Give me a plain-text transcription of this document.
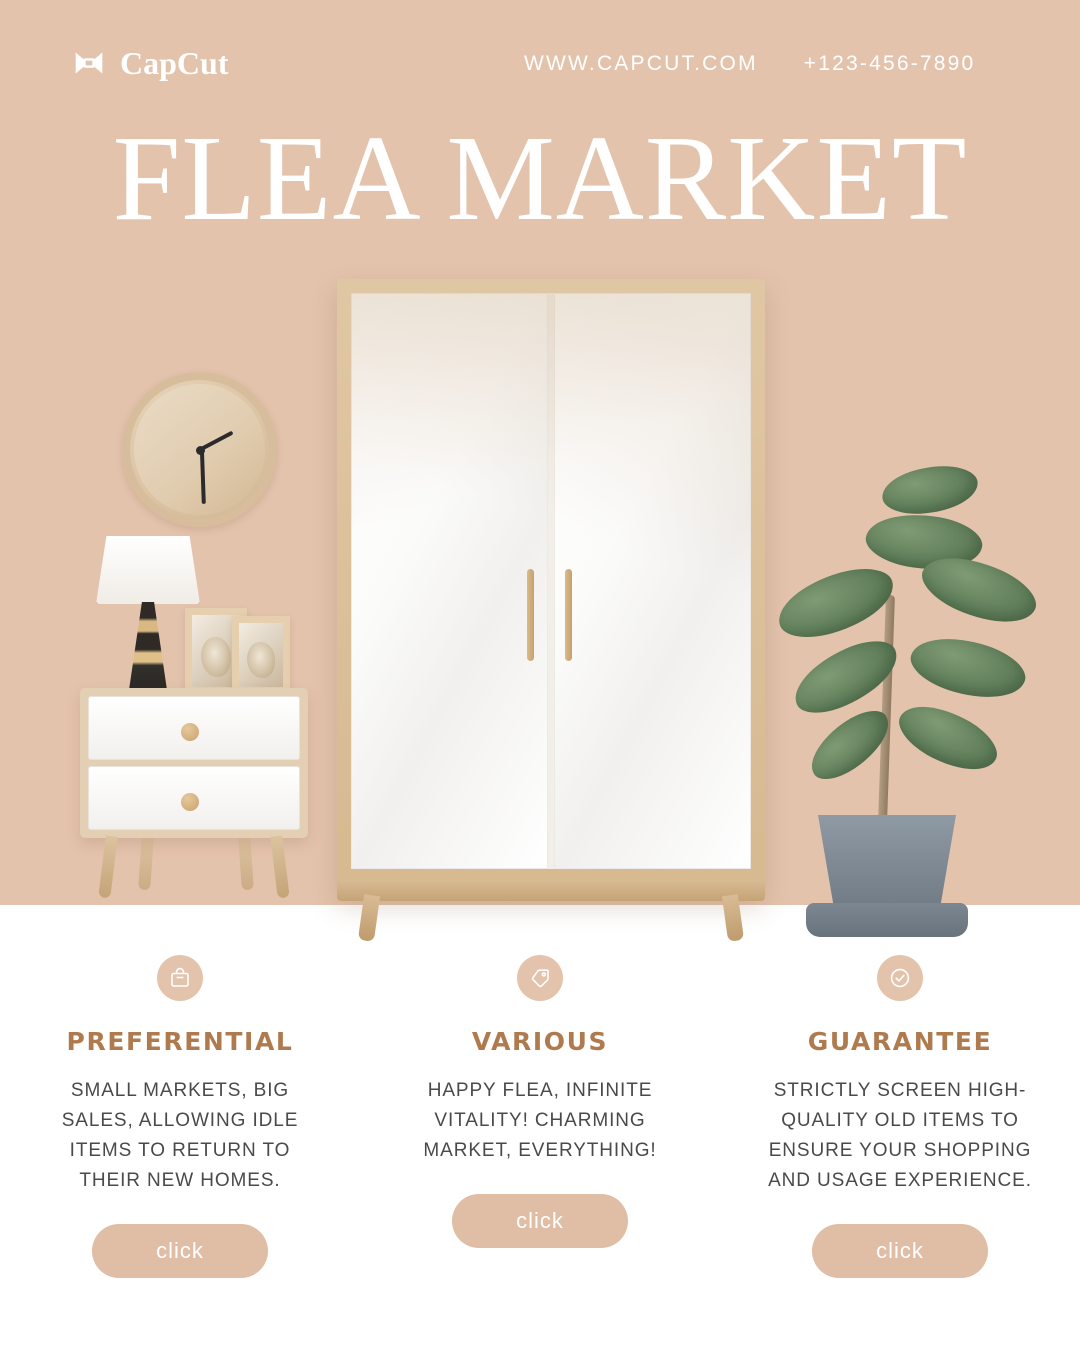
CapCut	WWW.CAPCUT.COM +123-456-7890
FLEA MARKET
PREFERENTIAL
SMALL MARKETS, BIG SALES, ALLOWING IDLE ITEMS TO RETURN TO THEIR NEW HOMES.
click
VARIOUS
HAPPY FLEA, INFINITE VITALITY! CHARMING MARKET, EVERYTHING!
click
GUARANTEE
STRICTLY SCREEN HIGH-QUALITY OLD ITEMS TO ENSURE YOUR SHOPPING AND USAGE EXPERIENCE.
click
